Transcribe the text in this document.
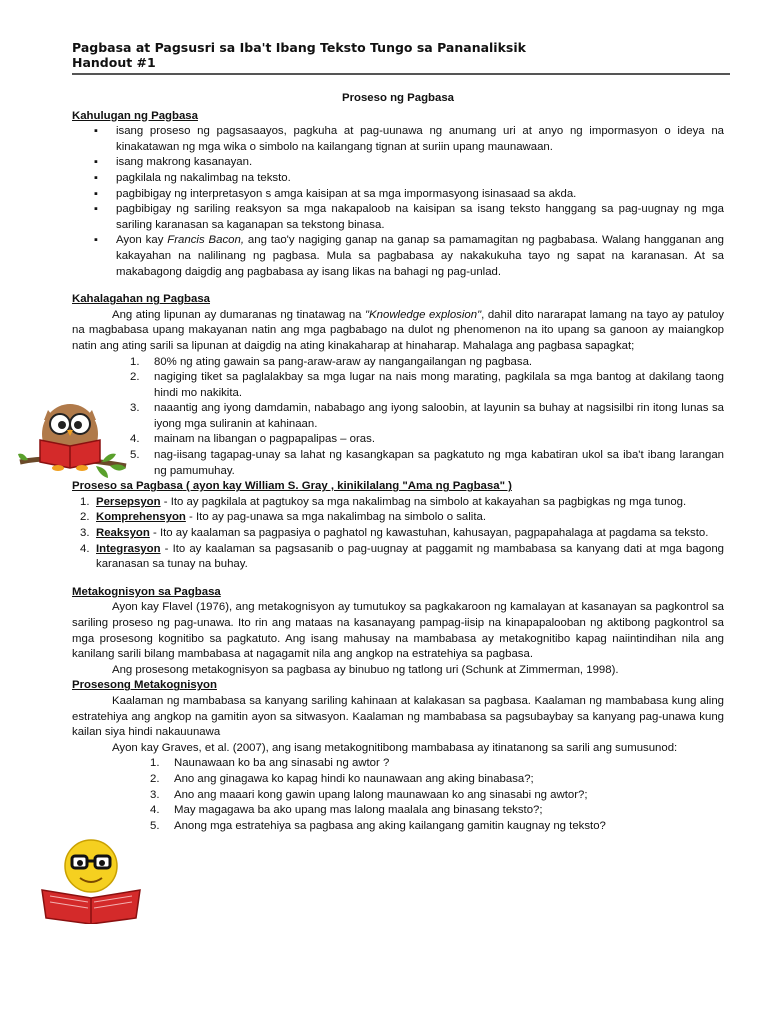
Pagbasa at Pagsusri sa Iba't Ibang Teksto Tungo sa Pananaliksik
Handout #1
Proseso ng Pagbasa
Kahulugan ng Pagbasa
▪ isang proseso ng pagsasaayos, pagkuha at pag-uunawa ng anumang uri at anyo ng impormasyon o ideya na kinakatawan ng mga wika o simbolo na kailangang tignan at suriin upang maunawaan.
▪ isang makrong kasanayan.
▪ pagkilala ng nakalimbag na teksto.
▪ pagbibigay ng interpretasyon s amga kaisipan at sa mga impormasyong isinasaad sa akda.
▪ pagbibigay ng sariling reaksyon sa mga nakapaloob na kaisipan sa isang teksto hanggang sa pag-uugnay ng mga sariling karanasan sa kaganapan sa tekstong binasa.
▪ Ayon kay Francis Bacon, ang tao'y nagiging ganap na ganap sa pamamagitan ng pagbabasa. Walang hangganan ang kakayahan na nalilinang ng pagbasa. Mula sa pagbabasa ay nakakukuha tayo ng sapat na karanasan. At sa makabagong daigdig ang pagbabasa ay isang likas na bahagi ng pag-unlad.
Kahalagahan ng Pagbasa

Ang ating lipunan ay dumaranas ng tinatawag na "Knowledge explosion", dahil dito nararapat lamang na tayo ay patuloy na magbabasa upang makayanan natin ang mga pagbabago na dulot ng phenomenon na ito upang sa ganoon ay maiangkop natin ang ating sarili sa lipunan at daigdig na ating kinakaharap at hinaharap. Mahalaga ang pagbasa sapagkat;

1. 80% ng ating gawain sa pang-araw-araw ay nangangailangan ng pagbasa.
2. nagiging tiket sa paglalakbay sa mga lugar na nais mong marating, pagkilala sa mga bantog at dakilang taong hindi mo nakikita.
3. naaantig ang iyong damdamin, nababago ang iyong saloobin, at layunin sa buhay at nagsisilbi rin itong lunas sa iyong mga suliranin at kahinaan.
4. mainam na libangan o pagpapalipas – oras.
5. nag-iisang tagapag-unay sa lahat ng kasangkapan sa pagkatuto ng mga kabatiran ukol sa iba't ibang larangan ng pamumuhay.
Proseso sa Pagbasa ( ayon kay William S. Gray , kinikilalang "Ama ng Pagbasa" )
1. Persepsyon - Ito ay pagkilala at pagtukoy sa mga nakalimbag na simbolo at kakayahan sa pagbigkas ng mga tunog.
2. Komprehensyon - Ito ay pag-unawa sa mga nakalimbag na simbolo o salita.
3. Reaksyon - Ito ay kaalaman sa pagpasiya o paghatol ng kawastuhan, kahusayan, pagpapahalaga at pagdama sa teksto.
4. Integrasyon - Ito ay kaalaman sa pagsasanib o pag-uugnay at paggamit ng mambabasa sa kanyang dati at mga bagong karanasan sa tunay na buhay.
Metakognisyon sa Pagbasa

Ayon kay Flavel (1976), ang metakognisyon ay tumutukoy sa pagkakaroon ng kamalayan at kasanayan sa pagkontrol sa sariling proseso ng pag-unawa. Ito rin ang mataas na kasanayang pampag-iisip na kinapapalooban ng aktibong pagkontrol sa mga prosesong kognitibo sa pagkatuto. Ang isang mahusay na mambabasa ay metakognitibo kapag naiintindihan nila ang kanilang sarili bilang mambabasa at nagagamit nila ang angkop na estratehiya sa pagbasa.

Ang prosesong metakognisyon sa pagbasa ay binubuo ng tatlong uri (Schunk at Zimmerman, 1998).

Prosesong Metakognisyon

Kaalaman ng mambabasa sa kanyang sariling kahinaan at kalakasan sa pagbasa. Kaalaman ng mambabasa kung aling estratehiya ang angkop na gamitin ayon sa sitwasyon. Kaalaman ng mambabasa sa pagsubaybay sa kanyang pag-unawa kung kailan siya hindi nakauunawa

Ayon kay Graves, et al. (2007), ang isang metakognitibong mambabasa ay itinatanong sa sarili ang sumusunod:

1. Naunawaan ko ba ang sinasabi ng awtor ?
2. Ano ang ginagawa ko kapag hindi ko naunawaan ang aking binabasa?;
3. Ano ang maaari kong gawin upang lalong maunawaan ko ang sinasabi ng awtor?;
4. May magagawa ba ako upang mas lalong maalala ang binasang teksto?;
5. Anong mga estratehiya sa pagbasa ang aking kailangang gamitin kaugnay ng teksto?
